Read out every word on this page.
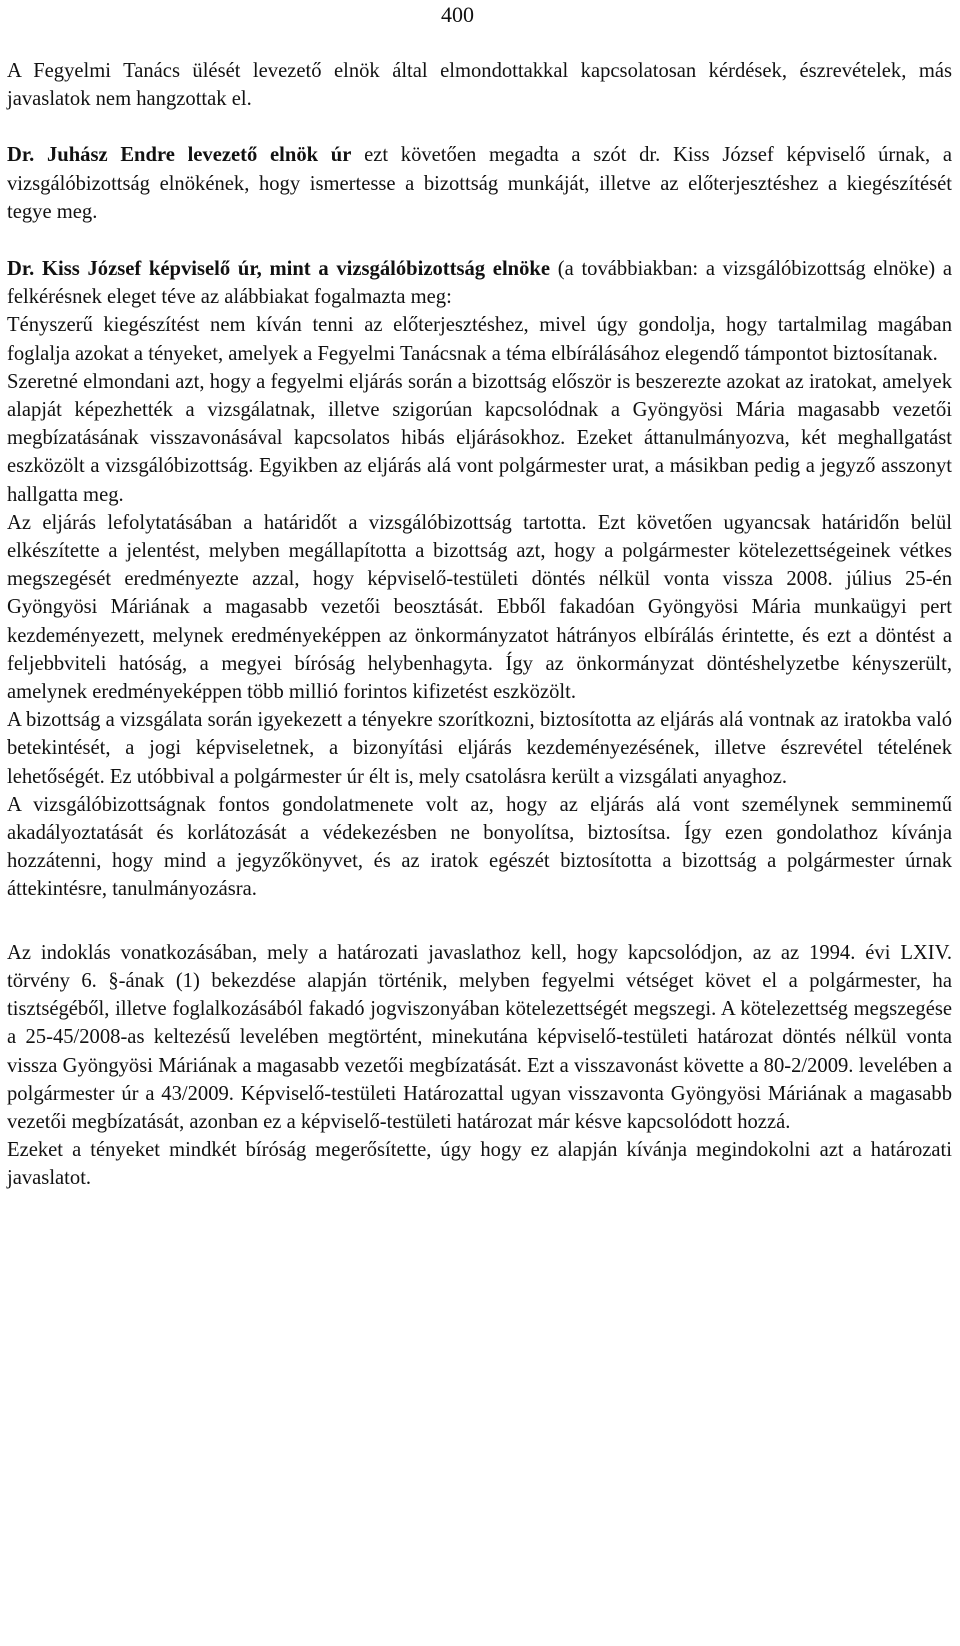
400

A Fegyelmi Tanács ülését levezető elnök által elmondottakkal kapcsolatosan kérdések, észrevételek, más javaslatok nem hangzottak el.

Dr. Juhász Endre levezető elnök úr ezt követően megadta a szót dr. Kiss József képviselő úrnak, a vizsgálóbizottság elnökének, hogy ismertesse a bizottság munkáját, illetve az előterjesztéshez a kiegészítését tegye meg.

Dr. Kiss József képviselő úr, mint a vizsgálóbizottság elnöke (a továbbiakban: a vizsgálóbizottság elnöke) a felkérésnek eleget téve az alábbiakat fogalmazta meg:

Tényszerű kiegészítést nem kíván tenni az előterjesztéshez, mivel úgy gondolja, hogy tartalmilag magában foglalja azokat a tényeket, amelyek a Fegyelmi Tanácsnak a téma elbírálásához elegendő támpontot biztosítanak.

Szeretné elmondani azt, hogy a fegyelmi eljárás során a bizottság először is beszerezte azokat az iratokat, amelyek alapját képezhették a vizsgálatnak, illetve szigorúan kapcsolódnak a Gyöngyösi Mária magasabb vezetői megbízatásának visszavonásával kapcsolatos hibás eljárásokhoz. Ezeket áttanulmányozva, két meghallgatást eszközölt a vizsgálóbizottság. Egyikben az eljárás alá vont polgármester urat, a másikban pedig a jegyző asszonyt hallgatta meg.

Az eljárás lefolytatásában a határidőt a vizsgálóbizottság tartotta. Ezt követően ugyancsak határidőn belül elkészítette a jelentést, melyben megállapította a bizottság azt, hogy a polgármester kötelezettségeinek vétkes megszegését eredményezte azzal, hogy képviselő-testületi döntés nélkül vonta vissza 2008. július 25-én Gyöngyösi Máriának a magasabb vezetői beosztását. Ebből fakadóan Gyöngyösi Mária munkaügyi pert kezdeményezett, melynek eredményeképpen az önkormányzatot hátrányos elbírálás érintette, és ezt a döntést a feljebbviteli hatóság, a megyei bíróság helybenhagyta. Így az önkormányzat döntéshelyzetbe kényszerült, amelynek eredményeképpen több millió forintos kifizetést eszközölt.

A bizottság a vizsgálata során igyekezett a tényekre szorítkozni, biztosította az eljárás alá vontnak az iratokba való betekintését, a jogi képviseletnek, a bizonyítási eljárás kezdeményezésének, illetve észrevétel tételének lehetőségét. Ez utóbbival a polgármester úr élt is, mely csatolásra került a vizsgálati anyaghoz.

A vizsgálóbizottságnak fontos gondolatmenete volt az, hogy az eljárás alá vont személynek semminemű akadályoztatását és korlátozását a védekezésben ne bonyolítsa, biztosítsa. Így ezen gondolathoz kívánja hozzátenni, hogy mind a jegyzőkönyvet, és az iratok egészét biztosította a bizottság a polgármester úrnak áttekintésre, tanulmányozásra.

Az indoklás vonatkozásában, mely a határozati javaslathoz kell, hogy kapcsolódjon, az az 1994. évi LXIV. törvény 6. §-ának (1) bekezdése alapján történik, melyben fegyelmi vétséget követ el a polgármester, ha tisztségéből, illetve foglalkozásából fakadó jogviszonyában kötelezettségét megszegi. A kötelezettség megszegése a 25-45/2008-as keltezésű levelében megtörtént, minekutána képviselő-testületi határozat döntés nélkül vonta vissza Gyöngyösi Máriának a magasabb vezetői megbízatását. Ezt a visszavonást követte a 80-2/2009. levelében a polgármester úr a 43/2009. Képviselő-testületi Határozattal ugyan visszavonta Gyöngyösi Máriának a magasabb vezetői megbízatását, azonban ez a képviselő-testületi határozat már késve kapcsolódott hozzá.

Ezeket a tényeket mindkét bíróság megerősítette, úgy hogy ez alapján kívánja megindokolni azt a határozati javaslatot.
